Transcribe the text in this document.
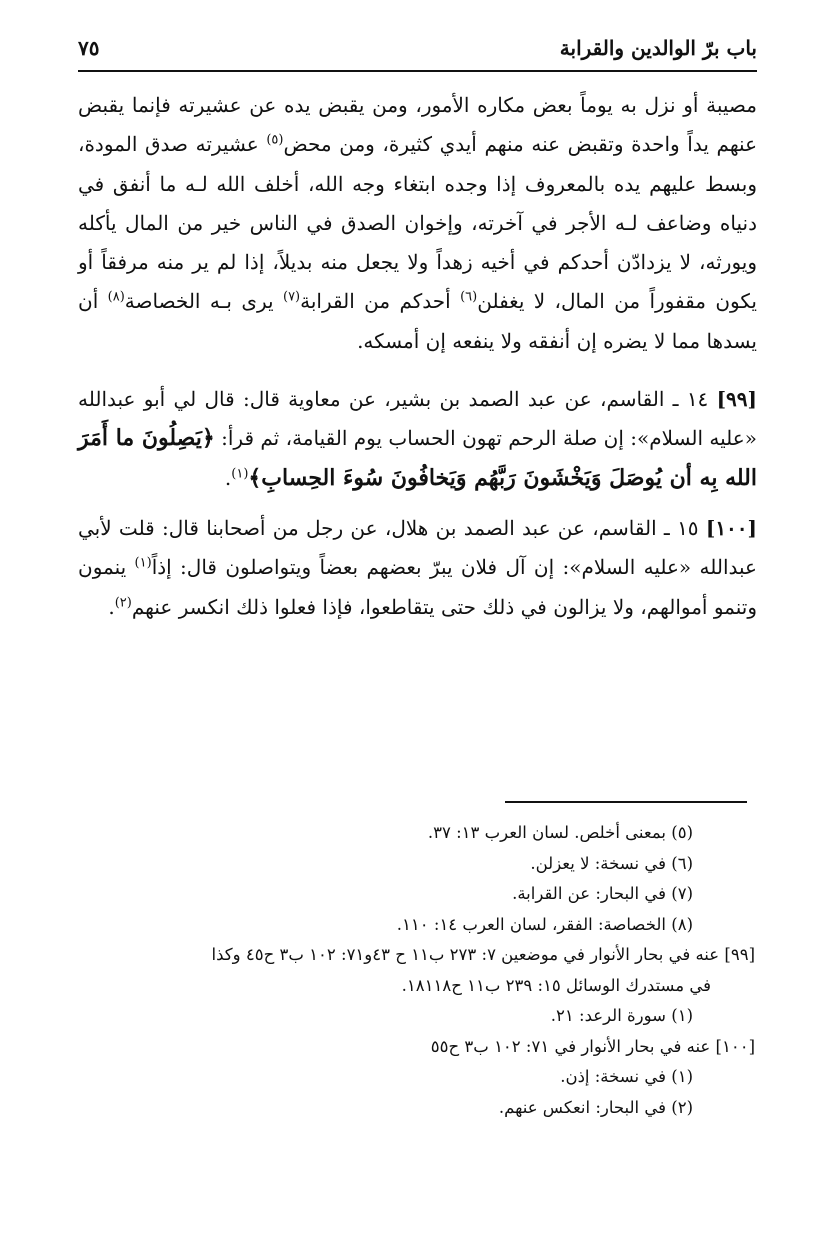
باب برّ الوالدين والقرابة
٧٥

مصيبة أو نزل به يوماً بعض مكاره الأمور، ومن يقبض يده عن عشيرته فإنما يقبض عنهم يداً واحدة وتقبض عنه منهم أيدي كثيرة، ومن محض$^{(٥)}$ عشيرته صدق المودة، وبسط عليهم يده بالمعروف إذا وجده ابتغاء وجه الله، أخلف الله لـه ما أنفق في دنياه وضاعف لـه الأجر في آخرته، وإخوان الصدق في الناس خير من المال يأكله ويورثه، لا يزدادّن أحدكم في أخيه زهداً ولا يجعل منه بديلاً، إذا لم ير منه مرفقاً أو يكون مقفوراً من المال، لا يغفلن$^{(٦)}$ أحدكم من القرابة$^{(٧)}$ يرى بـه الخصاصة$^{(٨)}$ أن يسدها مما لا يضره إن أنفقه ولا ينفعه إن أمسكه.

[٩٩] ١٤ ـ القاسم، عن عبد الصمد بن بشير، عن معاوية قال: قال لي أبو عبدالله «عليه السلام»: إن صلة الرحم تهون الحساب يوم القيامة، ثم قرأ: ﴿يَصِلُونَ ما أَمَرَ الله بِه أن يُوصَلَ وَيَخْشَونَ رَبَّهُم وَيَخافُونَ سُوءَ الحِسابِ﴾$^{(١)}$.

[١٠٠] ١٥ ـ القاسم، عن عبد الصمد بن هلال، عن رجل من أصحابنا قال: قلت لأبي عبدالله «عليه السلام»: إن آل فلان يبرّ بعضهم بعضاً ويتواصلون قال: إذاً$^{(١)}$ ينمون وتنمو أموالهم، ولا يزالون في ذلك حتى يتقاطعوا، فإذا فعلوا ذلك انكسر عنهم$^{(٢)}$.

(٥) بمعنى أخلص. لسان العرب ١٣: ٣٧.
(٦) في نسخة: لا يعزلن.
(٧) في البحار: عن القرابة.
(٨) الخصاصة: الفقر، لسان العرب ١٤: ١١٠.
[٩٩] عنه في بحار الأنوار في موضعين ٧: ٢٧٣ ب١١ ح ٤٣و٧١: ١٠٢ ب٣ ح٤٥ وكذا
في مستدرك الوسائل ١٥: ٢٣٩ ب١١ ح١٨١١٨.
(١) سورة الرعد: ٢١.
[١٠٠] عنه في بحار الأنوار في ٧١: ١٠٢ ب٣ ح٥٥
(١) في نسخة: إذن.
(٢) في البحار: انعكس عنهم.
